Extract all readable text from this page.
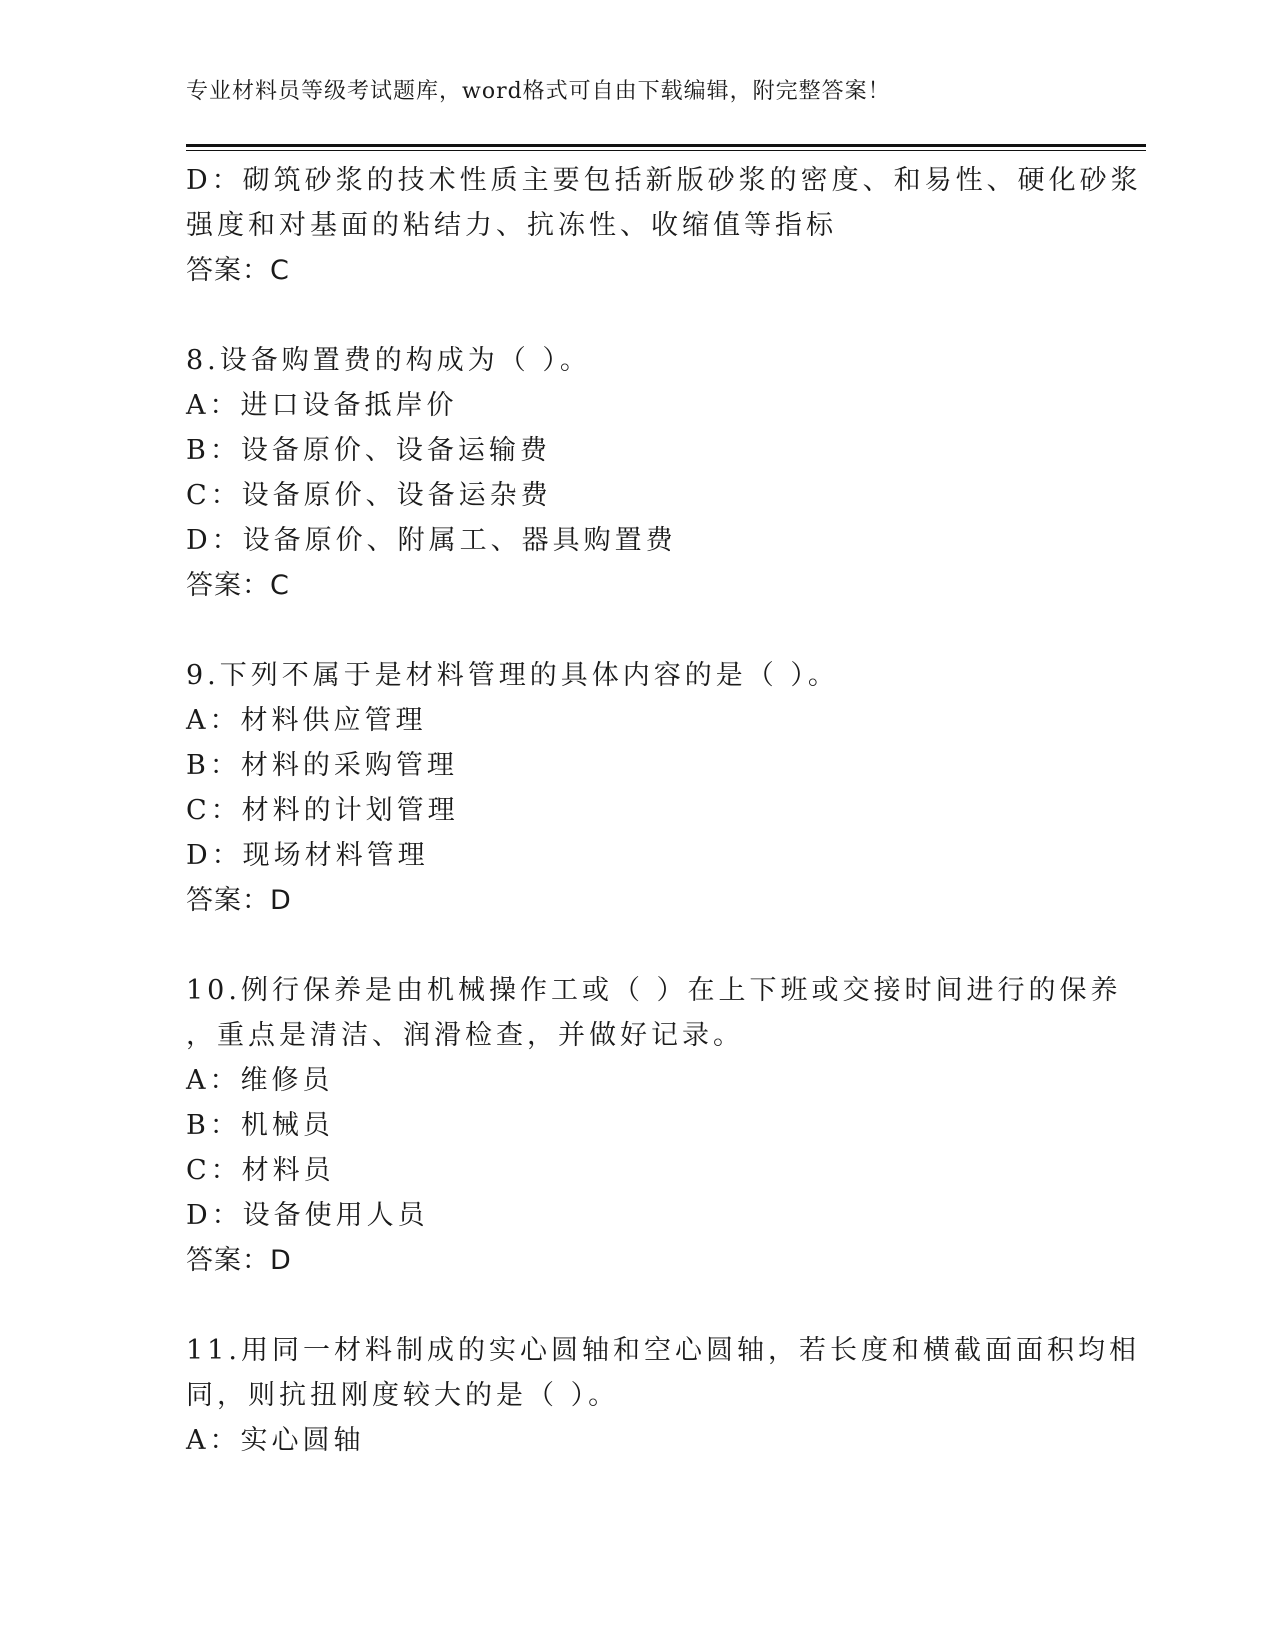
专业材料员等级考试题库，word格式可自由下载编辑，附完整答案！
D：砌筑砂浆的技术性质主要包括新版砂浆的密度、和易性、硬化砂浆
强度和对基面的粘结力、抗冻性、收缩值等指标
答案：C
8.设备购置费的构成为（ ）。
A：进口设备抵岸价
B：设备原价、设备运输费
C：设备原价、设备运杂费
D：设备原价、附属工、器具购置费
答案：C
9.下列不属于是材料管理的具体内容的是（ ）。
A：材料供应管理
B：材料的采购管理
C：材料的计划管理
D：现场材料管理
答案：D
10.例行保养是由机械操作工或（ ）在上下班或交接时间进行的保养
，重点是清洁、润滑检查，并做好记录。
A：维修员
B：机械员
C：材料员
D：设备使用人员
答案：D
11.用同一材料制成的实心圆轴和空心圆轴，若长度和横截面面积均相
同，则抗扭刚度较大的是（ ）。
A：实心圆轴
